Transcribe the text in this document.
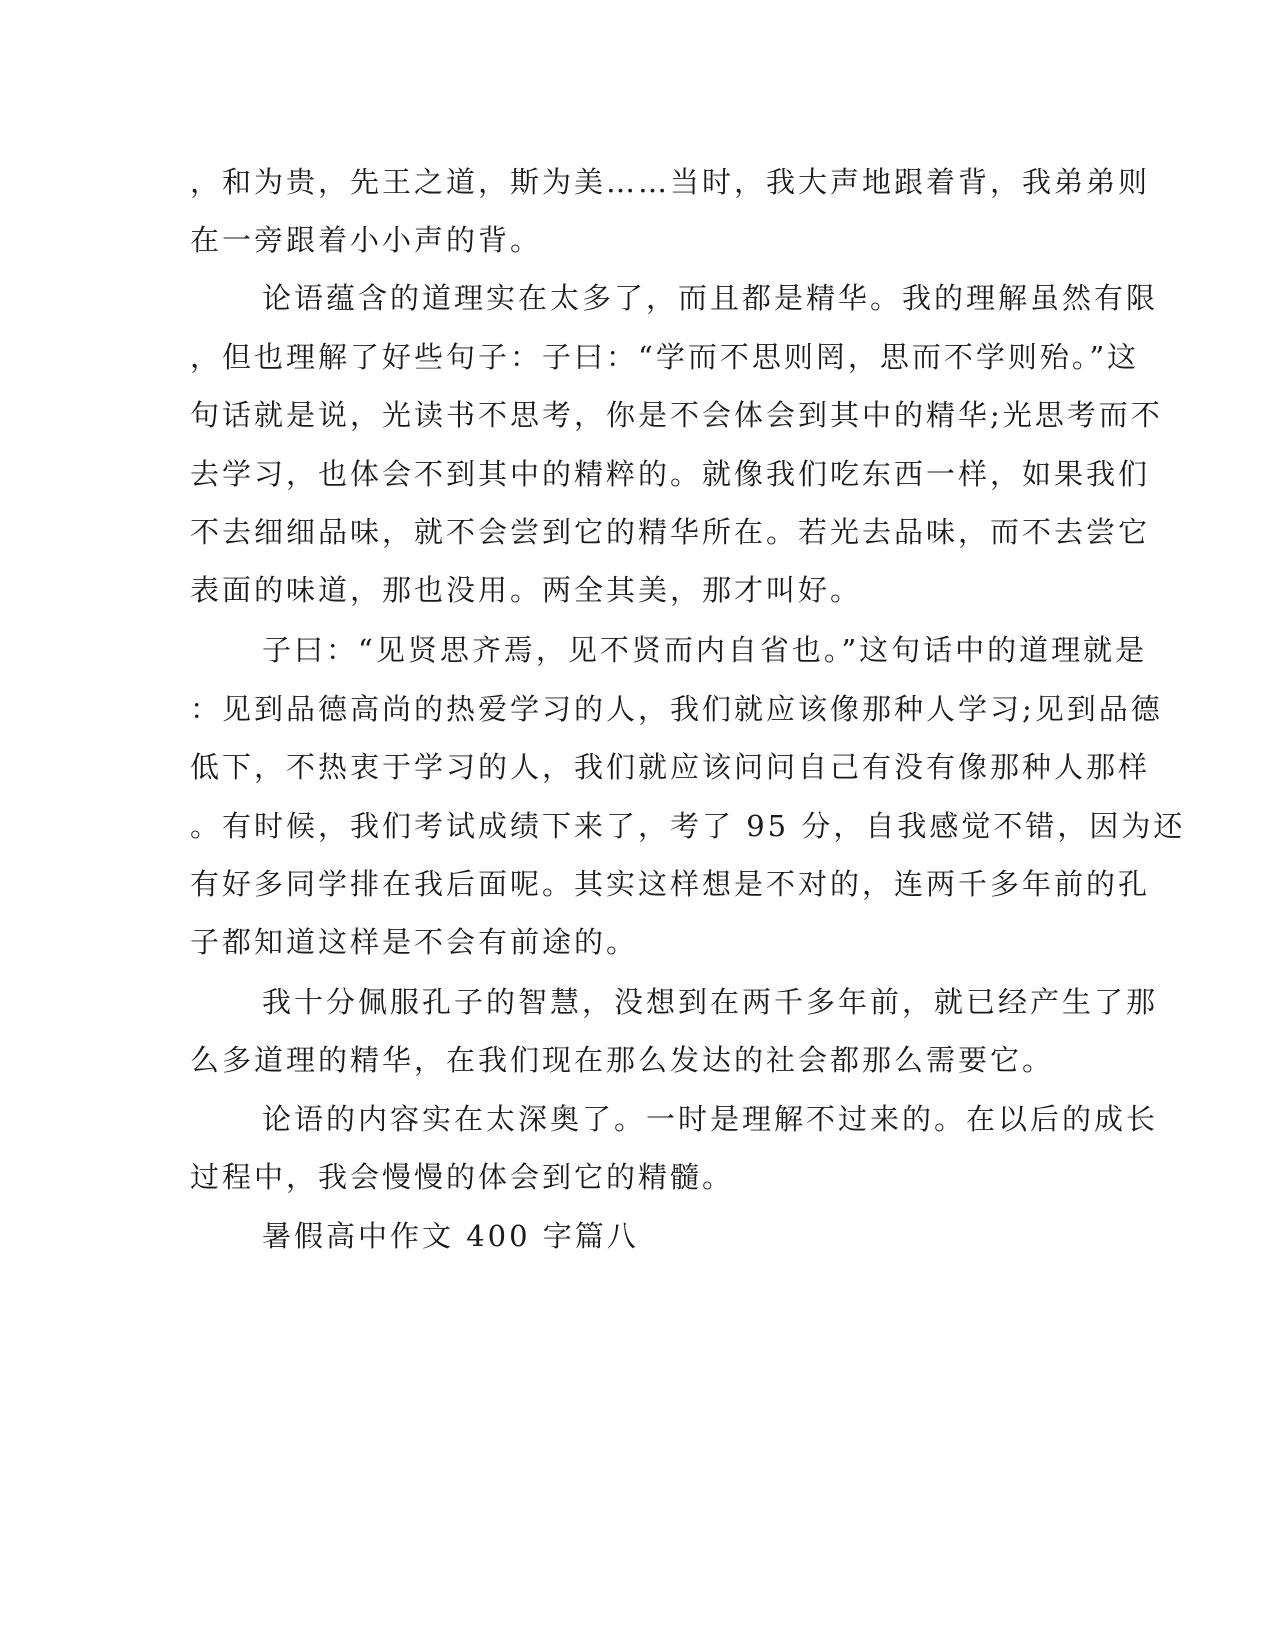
，和为贵，先王之道，斯为美……当时，我大声地跟着背，我弟弟则
在一旁跟着小小声的背。
论语蕴含的道理实在太多了，而且都是精华。我的理解虽然有限
，但也理解了好些句子：子曰：“学而不思则罔，思而不学则殆。”这
句话就是说，光读书不思考，你是不会体会到其中的精华;光思考而不
去学习，也体会不到其中的精粹的。就像我们吃东西一样，如果我们
不去细细品味，就不会尝到它的精华所在。若光去品味，而不去尝它
表面的味道，那也没用。两全其美，那才叫好。
子曰：“见贤思齐焉，见不贤而内自省也。”这句话中的道理就是
：见到品德高尚的热爱学习的人，我们就应该像那种人学习;见到品德
低下，不热衷于学习的人，我们就应该问问自己有没有像那种人那样
。有时候，我们考试成绩下来了，考了 95 分，自我感觉不错，因为还
有好多同学排在我后面呢。其实这样想是不对的，连两千多年前的孔
子都知道这样是不会有前途的。
我十分佩服孔子的智慧，没想到在两千多年前，就已经产生了那
么多道理的精华，在我们现在那么发达的社会都那么需要它。
论语的内容实在太深奥了。一时是理解不过来的。在以后的成长
过程中，我会慢慢的体会到它的精髓。
暑假高中作文 400 字篇八
